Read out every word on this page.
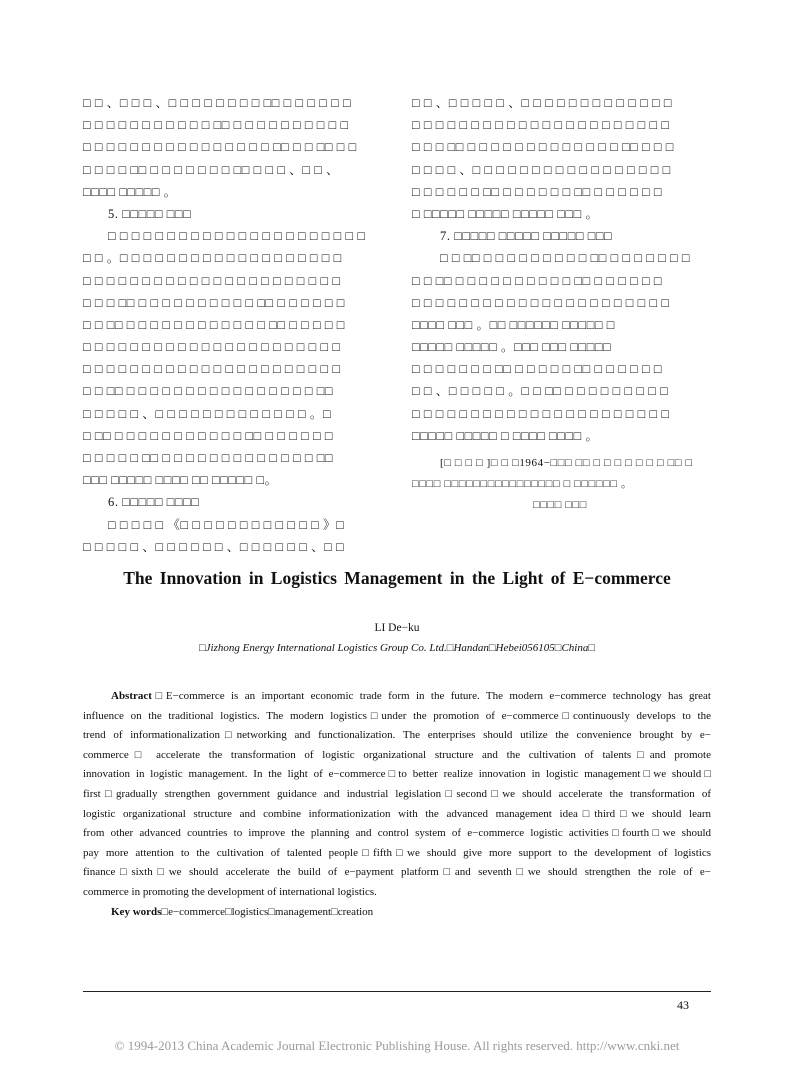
□ □ 、□ □ □ 、□ □ □ □ □ □ □ □ □□ □ □ □ □ □ □
□ □ □ □ □ □ □ □ □ □ □ □□ □ □ □ □ □ □ □ □ □ □
□ □ □ □ □ □ □ □ □ □ □ □ □ □ □ □ □□ □ □ □□ □ □
□ □ □ □ □□ □ □ □ □ □ □ □ □□ □ □ □ 、□ □ 、
□□□□ □□□□□ 。
5. □□□□□ □□□
□ □ □ □ □ □ □ □ □ □ □ □ □ □ □ □ □ □ □ □ □ □
□ □ 。□ □ □ □ □ □ □ □ □ □ □ □ □ □ □ □ □ □ □
□ □ □ □ □ □ □ □ □ □ □ □ □ □ □ □ □ □ □ □ □ □
□ □ □ □□ □ □ □ □ □ □ □ □ □ □ □□ □ □ □ □ □ □
□ □ □□ □ □ □ □ □ □ □ □ □ □ □ □ □□ □ □ □ □ □
□ □ □ □ □ □ □ □ □ □ □ □ □ □ □ □ □ □ □ □ □ □
□ □ □ □ □ □ □ □ □ □ □ □ □ □ □ □ □ □ □ □ □ □
□ □ □□ □ □ □ □ □ □ □ □ □ □ □ □ □ □ □ □ □□
□ □ □ □ □ 、□ □ □ □ □ □ □ □ □ □ □ □ □ 。□
□ □□ □ □ □ □ □ □ □ □ □ □ □ □□ □ □ □ □ □ □
□ □ □ □ □ □□ □ □ □ □ □ □ □ □ □ □ □ □ □ □□
□□□ □□□□□ □□□□ □□ □□□□□ □。
6. □□□□□ □□□□
□ □ □ □ □ 《□ □ □ □ □ □ □ □ □ □ □ □ 》□
□ □ □ □ □ 、□ □ □ □ □ □ 、□ □ □ □ □ □ 、□ □
□ □ 、□ □ □ □ □ 、□ □ □ □ □ □ □ □ □ □ □ □ □
□ □ □ □ □ □ □ □ □ □ □ □ □ □ □ □ □ □ □ □ □ □
□ □ □ □□ □ □ □ □ □ □ □ □ □ □ □ □ □ □□ □ □ □
□ □ □ □ 、□ □ □ □ □ □ □ □ □ □ □ □ □ □ □ □ □
□ □ □ □ □ □ □□ □ □ □ □ □ □ □□ □ □ □ □ □ □
□ □□□□□ □□□□□ □□□□□ □□□ 。
7. □□□□□ □□□□□ □□□□□ □□□
□ □ □□ □ □ □ □ □ □ □ □ □ □□ □ □ □ □ □ □ □
□ □ □□ □ □ □ □ □ □ □ □ □ □ □□ □ □ □ □ □ □
□ □ □ □ □ □ □ □ □ □ □ □ □ □ □ □ □ □ □ □ □ □
□□□□ □□□ 。□□ □□□□□□ □□□□□ □
□□□□□ □□□□□ 。□□□ □□□ □□□□□
□ □ □ □ □ □ □ □□ □ □ □ □ □ □□ □ □ □ □ □ □
□ □ 、□ □ □ □ □ 。□ □ □□ □ □ □ □ □ □ □ □ □
□ □ □ □ □ □ □ □ □ □ □ □ □ □ □ □ □ □ □ □ □ □
□□□□□ □□□□□ □ □□□□ □□□□ 。
[□ □ □ □ ]□ □ □1964−□□□ □□ □ □ □ □ □ □ □ □□ □
□□□□ □□□□□□□□□□□□□□□□ □ □□□□□□ 。
□□□□ □□□
The Innovation in Logistics Management in the Light of E−commerce
LI De−ku
□Jizhong Energy International Logistics Group Co. Ltd.□Handan□Hebei056105□China□
Abstract□E−commerce is an important economic trade form in the future. The modern e−commerce technology has great
influence on the traditional logistics. The modern logistics□under the promotion of e−commerce□continuously develops to the
trend of informationalization□networking and functionalization. The enterprises should utilize the convenience brought by e−
commerce□ accelerate the transformation of logistic organizational structure and the cultivation of talents□and promote
innovation in logistic management. In the light of e−commerce□to better realize innovation in logistic management□we should□
first□gradually strengthen government guidance and industrial legislation□second□we should accelerate the transformation of
logistic organizational structure and combine informationization with the advanced management idea□third□we should learn
from other advanced countries to improve the planning and control system of e−commerce logistic activities□fourth□we should
pay more attention to the cultivation of talented people□fifth□we should give more support to the development of logistics
finance□sixth□we should accelerate the build of e−payment platform□and seventh□we should strengthen the role of e−
commerce in promoting the development of international logistics.
Key words□e−commerce□logistics□management□creation
43
© 1994-2013 China Academic Journal Electronic Publishing House. All rights reserved. http://www.cnki.net
